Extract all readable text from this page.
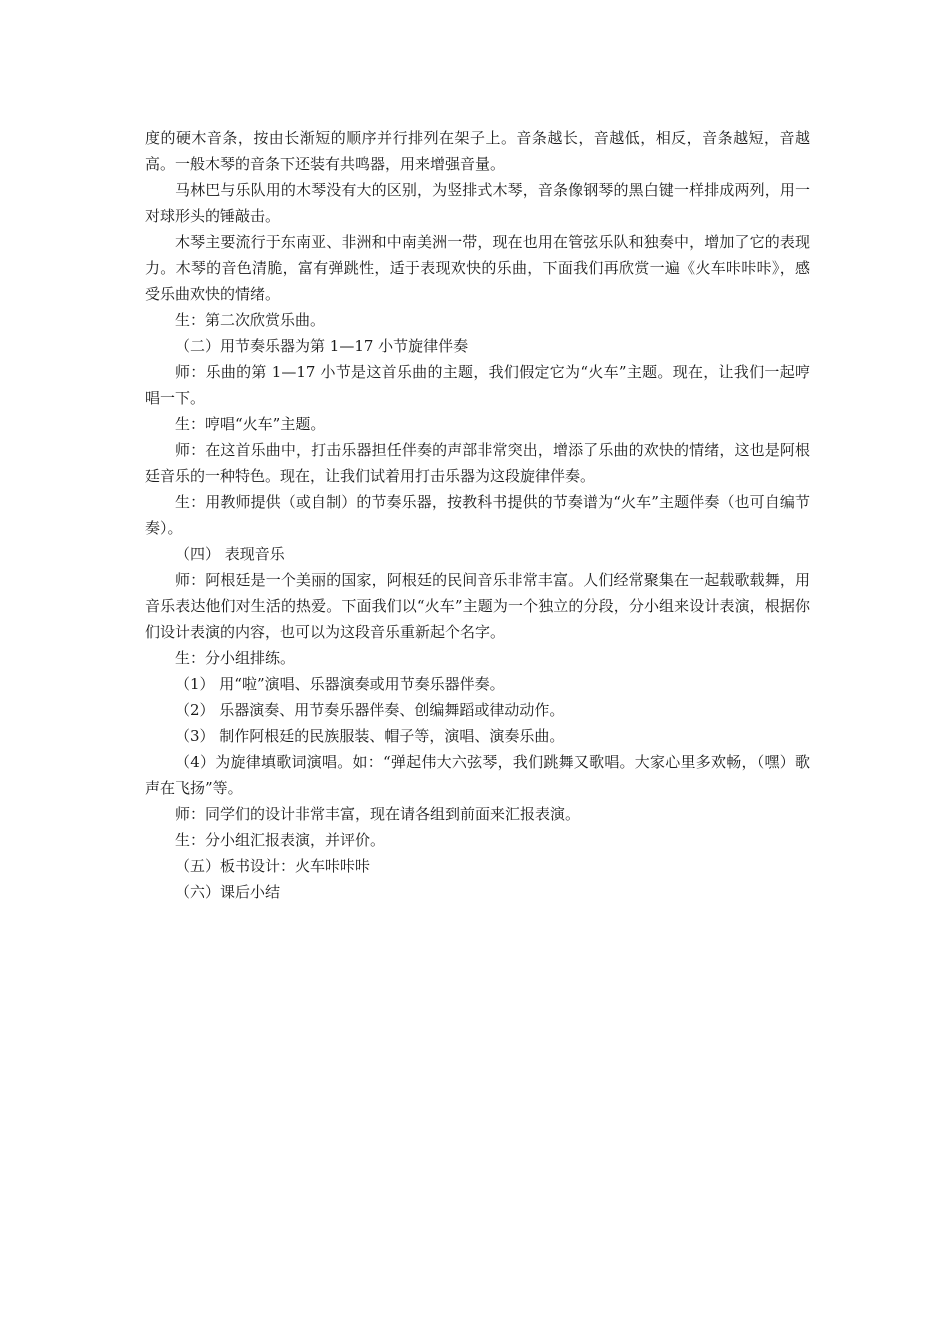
度的硬木音条，按由长渐短的顺序并行排列在架子上。音条越长，音越低，相反，音条越短，音越高。一般木琴的音条下还装有共鸣器，用来增强音量。

马林巴与乐队用的木琴没有大的区别，为竖排式木琴，音条像钢琴的黑白键一样排成两列，用一对球形头的锤敲击。

木琴主要流行于东南亚、非洲和中南美洲一带，现在也用在管弦乐队和独奏中，增加了它的表现力。木琴的音色清脆，富有弹跳性，适于表现欢快的乐曲，下面我们再欣赏一遍《火车咔咔咔》，感受乐曲欢快的情绪。

生：第二次欣赏乐曲。

（二）用节奏乐器为第 1—17 小节旋律伴奏

师：乐曲的第 1—17 小节是这首乐曲的主题，我们假定它为“火车”主题。现在，让我们一起哼唱一下。

生：哼唱“火车”主题。

师：在这首乐曲中，打击乐器担任伴奏的声部非常突出，增添了乐曲的欢快的情绪，这也是阿根廷音乐的一种特色。现在，让我们试着用打击乐器为这段旋律伴奏。

生：用教师提供（或自制）的节奏乐器，按教科书提供的节奏谱为“火车”主题伴奏（也可自编节奏）。

（四） 表现音乐

师：阿根廷是一个美丽的国家，阿根廷的民间音乐非常丰富。人们经常聚集在一起载歌载舞，用音乐表达他们对生活的热爱。下面我们以“火车”主题为一个独立的分段，分小组来设计表演，根据你们设计表演的内容，也可以为这段音乐重新起个名字。

生：分小组排练。

（1） 用“啦”演唱、乐器演奏或用节奏乐器伴奏。

（2） 乐器演奏、用节奏乐器伴奏、创编舞蹈或律动动作。

（3） 制作阿根廷的民族服装、帽子等，演唱、演奏乐曲。

（4）为旋律填歌词演唱。如：“弹起伟大六弦琴，我们跳舞又歌唱。大家心里多欢畅，（嘿）歌声在飞扬”等。

师：同学们的设计非常丰富，现在请各组到前面来汇报表演。

生：分小组汇报表演，并评价。

（五）板书设计：火车咔咔咔

（六）课后小结
